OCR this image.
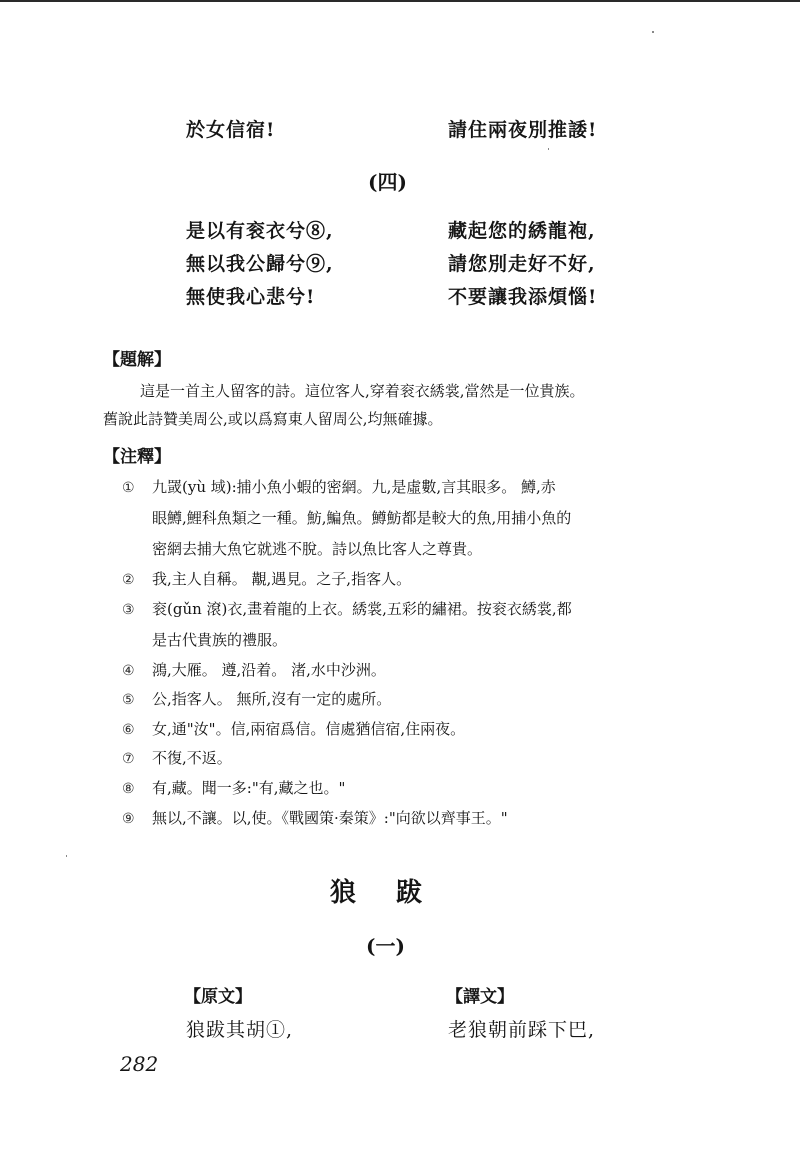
於女信宿!	請住兩夜別推諉!
(四)
是以有衮衣兮⑧,	藏起您的綉龍袍,
無以我公歸兮⑨,	請您別走好不好,
無使我心悲兮!	不要讓我添煩惱!
【題解】
這是一首主人留客的詩。這位客人,穿着衮衣綉裳,當然是一位貴族。
舊說此詩贊美周公,或以爲寫東人留周公,均無確據。
【注釋】
① 九罭(yù 域):捕小魚小蝦的密網。九,是虛數,言其眼多。 鱒,赤
眼鱒,鯉科魚類之一種。魴,鯿魚。鱒魴都是較大的魚,用捕小魚的
密網去捕大魚它就逃不脫。詩以魚比客人之尊貴。
② 我,主人自稱。 覯,遇見。之子,指客人。
③ 衮(gǔn 滾)衣,畫着龍的上衣。綉裳,五彩的繡裙。按衮衣綉裳,都
是古代貴族的禮服。
④ 鴻,大雁。 遵,沿着。 渚,水中沙洲。
⑤ 公,指客人。 無所,沒有一定的處所。
⑥ 女,通"汝"。信,兩宿爲信。信處猶信宿,住兩夜。
⑦ 不復,不返。
⑧ 有,藏。聞一多:"有,藏之也。"
⑨ 無以,不讓。以,使。《戰國策·秦策》:"向欲以齊事王。"
狼跋
(一)
【原文】	【譯文】
狼跋其胡①,	老狼朝前踩下巴,
282
